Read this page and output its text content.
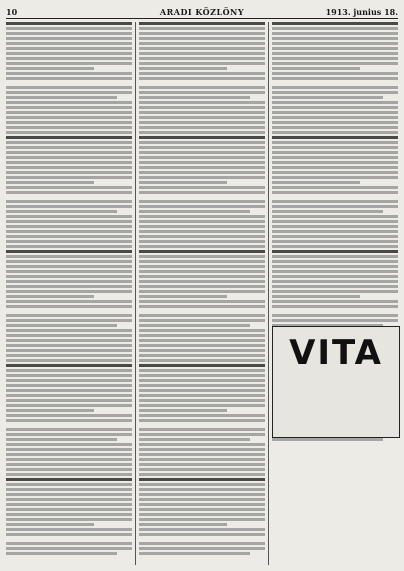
10	ARADI KÖZLÖNY	1913. junius 18.
VITA
